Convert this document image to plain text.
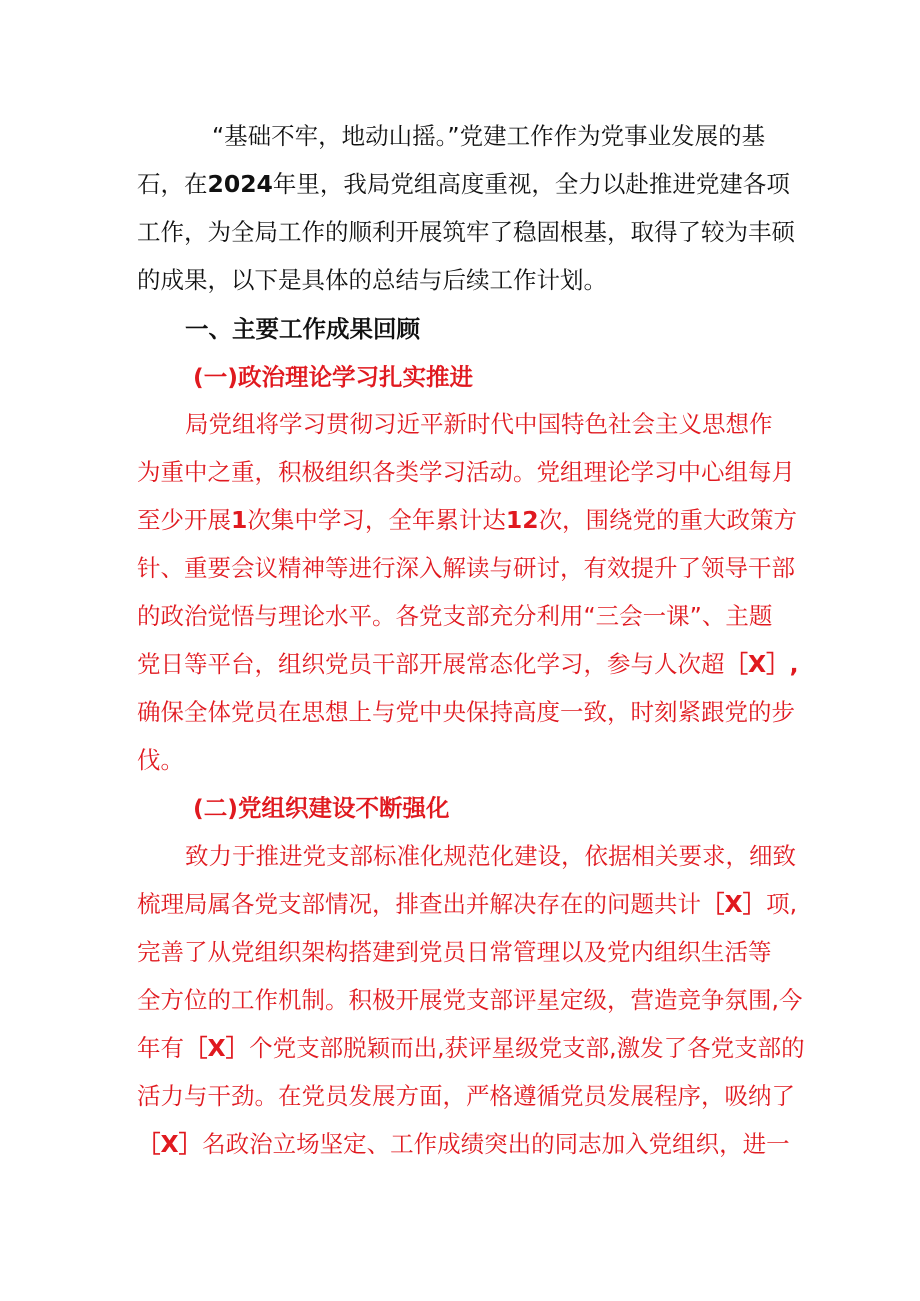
“基础不牢，地动山摇。”党建工作作为党事业发展的基
石，在2024年里，我局党组高度重视，全力以赴推进党建各项
工作，为全局工作的顺利开展筑牢了稳固根基，取得了较为丰硕
的成果，以下是具体的总结与后续工作计划。
一、主要工作成果回顾
(一)政治理论学习扎实推进
局党组将学习贯彻习近平新时代中国特色社会主义思想作
为重中之重，积极组织各类学习活动。党组理论学习中心组每月
至少开展1次集中学习，全年累计达12次，围绕党的重大政策方
针、重要会议精神等进行深入解读与研讨，有效提升了领导干部
的政治觉悟与理论水平。各党支部充分利用“三会一课”、主题
党日等平台，组织党员干部开展常态化学习，参与人次超［X］,
确保全体党员在思想上与党中央保持高度一致，时刻紧跟党的步
伐。
(二)党组织建设不断强化
致力于推进党支部标准化规范化建设，依据相关要求，细致
梳理局属各党支部情况，排查出并解决存在的问题共计［X］项,
完善了从党组织架构搭建到党员日常管理以及党内组织生活等
全方位的工作机制。积极开展党支部评星定级，营造竞争氛围,今
年有［X］个党支部脱颖而出,获评星级党支部,激发了各党支部的
活力与干劲。在党员发展方面，严格遵循党员发展程序，吸纳了
［X］名政治立场坚定、工作成绩突出的同志加入党组织，进一
